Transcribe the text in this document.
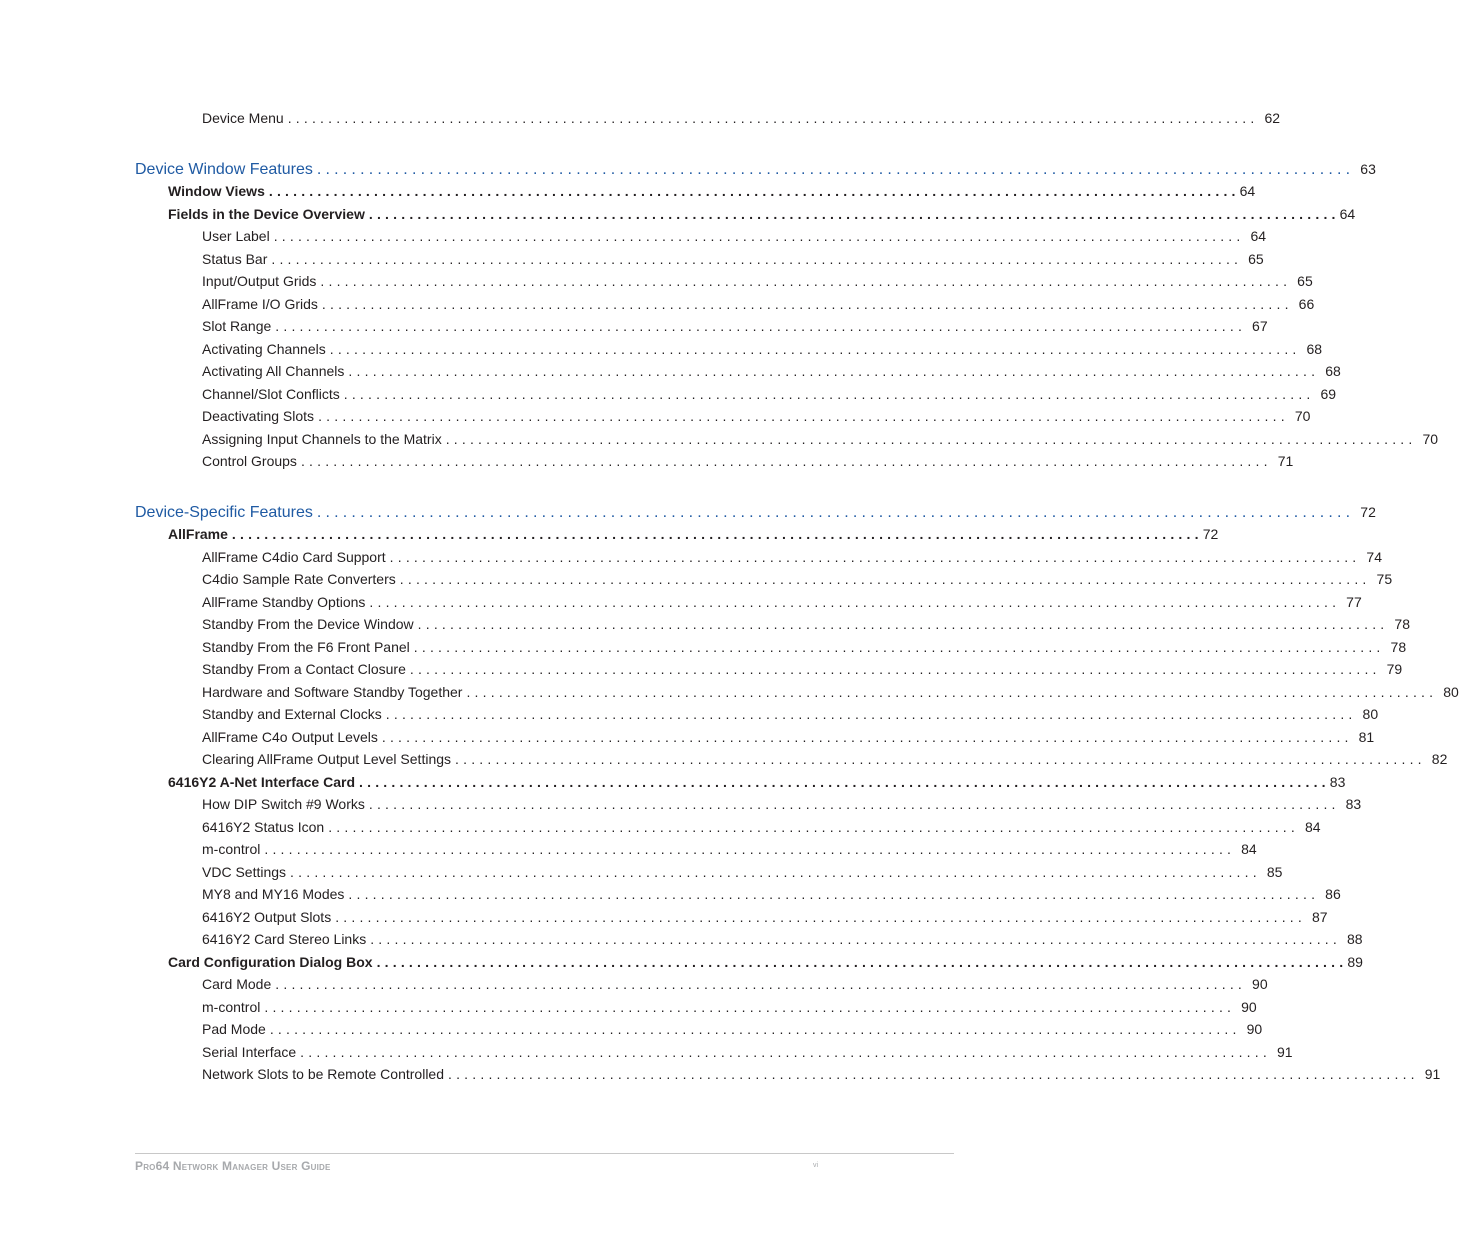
Device Menu ........................................................................................................................ 62
Device Window Features ........................................................................................................................ 63
Window Views ........................................................................................................................ 64
Fields in the Device Overview ........................................................................................................................ 64
User Label ........................................................................................................................ 64
Status Bar ........................................................................................................................ 65
Input/Output Grids ........................................................................................................................ 65
AllFrame I/O Grids ........................................................................................................................ 66
Slot Range ........................................................................................................................ 67
Activating Channels ........................................................................................................................ 68
Activating All Channels ........................................................................................................................ 68
Channel/Slot Conflicts ........................................................................................................................ 69
Deactivating Slots ........................................................................................................................ 70
Assigning Input Channels to the Matrix ........................................................................................................................ 70
Control Groups ........................................................................................................................ 71
Device-Specific Features ........................................................................................................................ 72
AllFrame ........................................................................................................................ 72
AllFrame C4dio Card Support ........................................................................................................................ 74
C4dio Sample Rate Converters ........................................................................................................................ 75
AllFrame Standby Options ........................................................................................................................ 77
Standby From the Device Window ........................................................................................................................ 78
Standby From the F6 Front Panel ........................................................................................................................ 78
Standby From a Contact Closure ........................................................................................................................ 79
Hardware and Software Standby Together ........................................................................................................................ 80
Standby and External Clocks ........................................................................................................................ 80
AllFrame C4o Output Levels ........................................................................................................................ 81
Clearing AllFrame Output Level Settings ........................................................................................................................ 82
6416Y2 A-Net Interface Card ........................................................................................................................ 83
How DIP Switch #9 Works ........................................................................................................................ 83
6416Y2 Status Icon ........................................................................................................................ 84
m-control ........................................................................................................................ 84
VDC Settings ........................................................................................................................ 85
MY8 and MY16 Modes ........................................................................................................................ 86
6416Y2 Output Slots ........................................................................................................................ 87
6416Y2 Card Stereo Links ........................................................................................................................ 88
Card Configuration Dialog Box ........................................................................................................................ 89
Card Mode ........................................................................................................................ 90
m-control ........................................................................................................................ 90
Pad Mode ........................................................................................................................ 90
Serial Interface ........................................................................................................................ 91
Network Slots to be Remote Controlled ........................................................................................................................ 91
Pro64 Network Manager User Guide	vi
